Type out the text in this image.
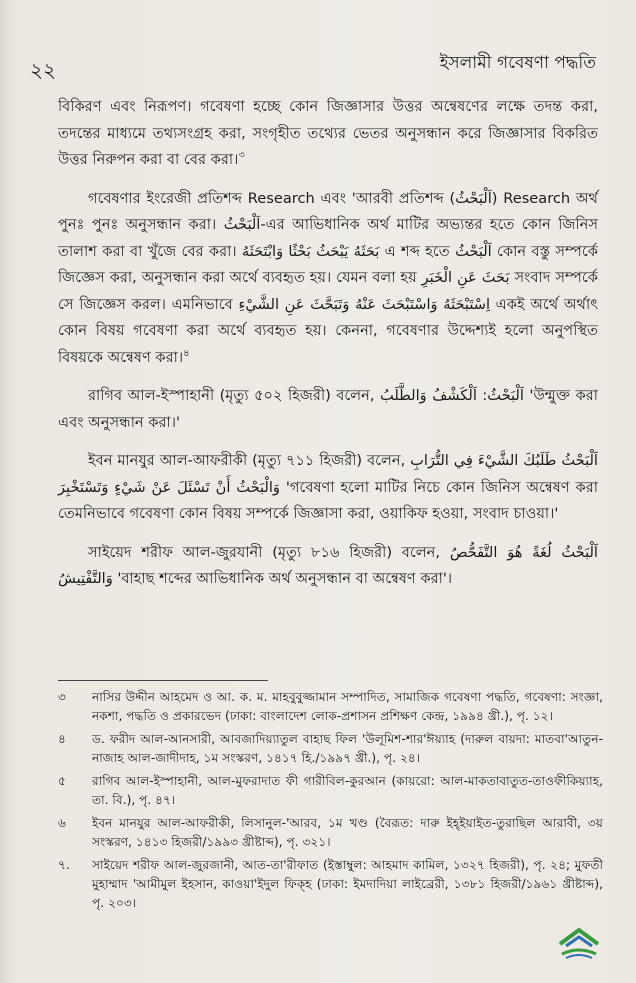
২২	ইসলামী গবেষণা পদ্ধতি

বিকিরণ এবং নিরূপণ। গবেষণা হচ্ছে কোন জিজ্ঞাসার উত্তর অন্বেষণের লক্ষে তদন্ত করা, তদন্তের মাধ্যমে তথ্যসংগ্রহ করা, সংগৃহীত তথ্যের ভেতর অনুসন্ধান করে জিজ্ঞাসার বিকরিত উত্তর নিরুপন করা বা বের করা।$^৩$

গবেষণার ইংরেজী প্রতিশব্দ Research এবং 'আরবী প্রতিশব্দ (اَلْبَحْثُ) Research অর্থ পুনঃ পুনঃ অনুসন্ধান করা। اَلْبَحْثُ-এর আভিধানিক অর্থ মাটির অভ্যন্তর হতে কোন জিনিস তালাশ করা বা খুঁজে বের করা। بَحَثَهُ يَبْحَثُ بَحْثًا وَابْتَحَثَهُ এ শব্দ হতে اَلْبَحْثُ কোন বস্তু সম্পর্কে জিজ্ঞেস করা, অনুসন্ধান করা অর্থে ব্যবহৃত হয়। যেমন বলা হয় بَحَثَ عَنِ الْخَبَرِ সংবাদ সম্পর্কে সে জিজ্ঞেস করল। এমনিভাবে اِسْتَبْحَثَهُ وَاسْتَبْحَثَ عَنْهُ وَتَبَحَّثَ عَنِ الشَّيْءِ একই অর্থে অর্থাৎ কোন বিষয় গবেষণা করা অর্থে ব্যবহৃত হয়। কেননা, গবেষণার উদ্দেশ্যই হলো অনুপস্থিত বিষয়কে অন্বেষণ করা।$^৪$

রাগিব আল-ইস্পাহানী (মৃত্যু ৫০২ হিজরী) বলেন, اَلْبَحْثُ: اَلْكَشْفُ وَالطَّلَبُ 'উন্মুক্ত করা এবং অনুসন্ধান করা।'

ইবন মানযুর আল-আফরীকী (মৃত্যু ৭১১ হিজরী) বলেন, اَلْبَحْثُ طَلَبُكَ الشَّيْءَ فِي التُّرَابِ وَالْبَحْثُ أَنْ تَسْئَلَ عَنْ شَيْءٍ وَتَسْتَخْبِرَ 'গবেষণা হলো মাটির নিচে কোন জিনিস অন্বেষণ করা তেমনিভাবে গবেষণা কোন বিষয় সম্পর্কে জিজ্ঞাসা করা, ওয়াকিফ হওয়া, সংবাদ চাওয়া।'

সাইয়েদ শরীফ আল-জুরযানী (মৃত্যু ৮১৬ হিজরী) বলেন, اَلْبَحْثُ لُغَةً هُوَ التَّفَحُّصُ وَالتَّفْتِيشُ 'বাহাছ শব্দের আভিধানিক অর্থ অনুসন্ধান বা অন্বেষণ করা'।

৩	নাসির উদ্দীন আহমেদ ও আ. ক. ম. মাহবুবুজ্জামান সম্পাদিত, সামাজিক গবেষণা পদ্ধতি, গবেষণা: সংজ্ঞা, নকশা, পদ্ধতি ও প্রকারভেদ (ঢাকা: বাংলাদেশ লোক-প্রশাসন প্রশিক্ষণ কেন্দ্র, ১৯৯৪ খ্রী.), পৃ. ১২।
৪	ড. ফরীদ আল-আনসারী, আবজাদিয়্যাতুল বাহাছ ফিল 'উলূমিশ-শার'ঈয়্যাহ (দারুল বায়দা: মাতবা'আতুন-নাজাহ আল-জাদীদাহ, ১ম সংস্করণ, ১৪১৭ হি./১৯৯৭ খ্রী.), পৃ. ২৪।
৫	রাগিব আল-ইস্পাহানী, আল-মুফরাদাত ফী গারীবিল-কুরআন (কায়রো: আল-মাকতাবাতুত-তাওফীকিয়্যাহ, তা. বি.), পৃ. ৪৭।
৬	ইবন মানযুর আল-আফরীকী, লিসানুল-'আরব, ১ম খণ্ড (বৈরূত: দারু ইহ্ইয়াইত-তুরাছিল আরাবী, ৩য় সংস্করণ, ১৪১৩ হিজরী/১৯৯৩ খ্রীষ্টাব্দ), পৃ. ৩২১।
৭.	সাইয়েদ শরীফ আল-জুরজানী, আত-তা'রীফাত (ইস্তাম্বুল: আহমাদ কামিল, ১৩২৭ হিজরী), পৃ. ২৪; মুফতী মুহাম্মাদ 'আমীমুল ইহসান, কাওয়া'ইদুল ফিক্হ (ঢাকা: ইমদাদিয়া লাইব্রেরী, ১৩৮১ হিজরী/১৯৬১ খ্রীষ্টাব্দ), পৃ. ২০৩।
